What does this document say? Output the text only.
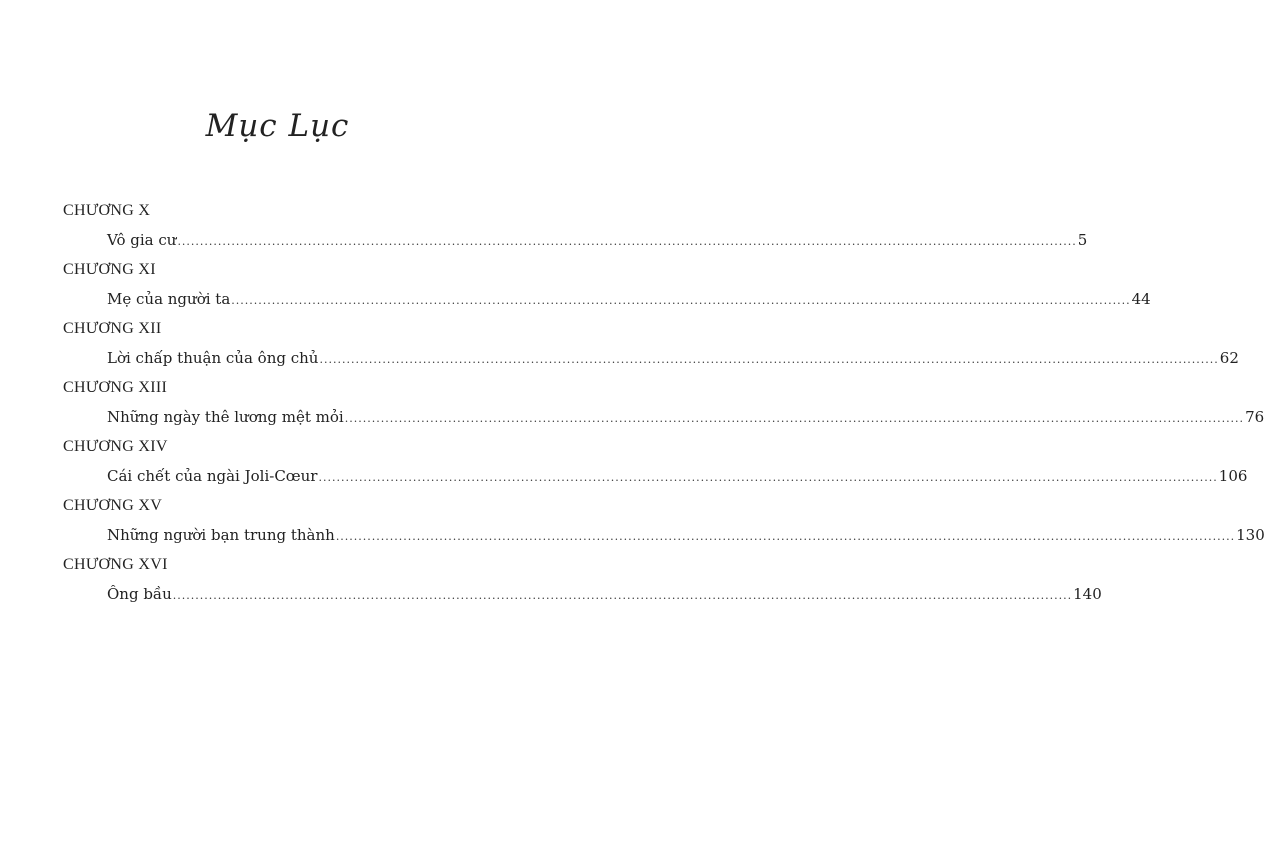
Mục Lục
CHƯƠNG X
Vô gia cư ........................................................................................................................................................................................................ 5
CHƯƠNG XI
Mẹ của người ta ........................................................................................................................................................................................................ 44
CHƯƠNG XII
Lời chấp thuận của ông chủ ........................................................................................................................................................................................................ 62
CHƯƠNG XIII
Những ngày thê lương mệt mỏi ........................................................................................................................................................................................................ 76
CHƯƠNG XIV
Cái chết của ngài Joli-Cœur ........................................................................................................................................................................................................ 106
CHƯƠNG XV
Những người bạn trung thành ........................................................................................................................................................................................................ 130
CHƯƠNG XVI
Ông bầu ........................................................................................................................................................................................................ 140
